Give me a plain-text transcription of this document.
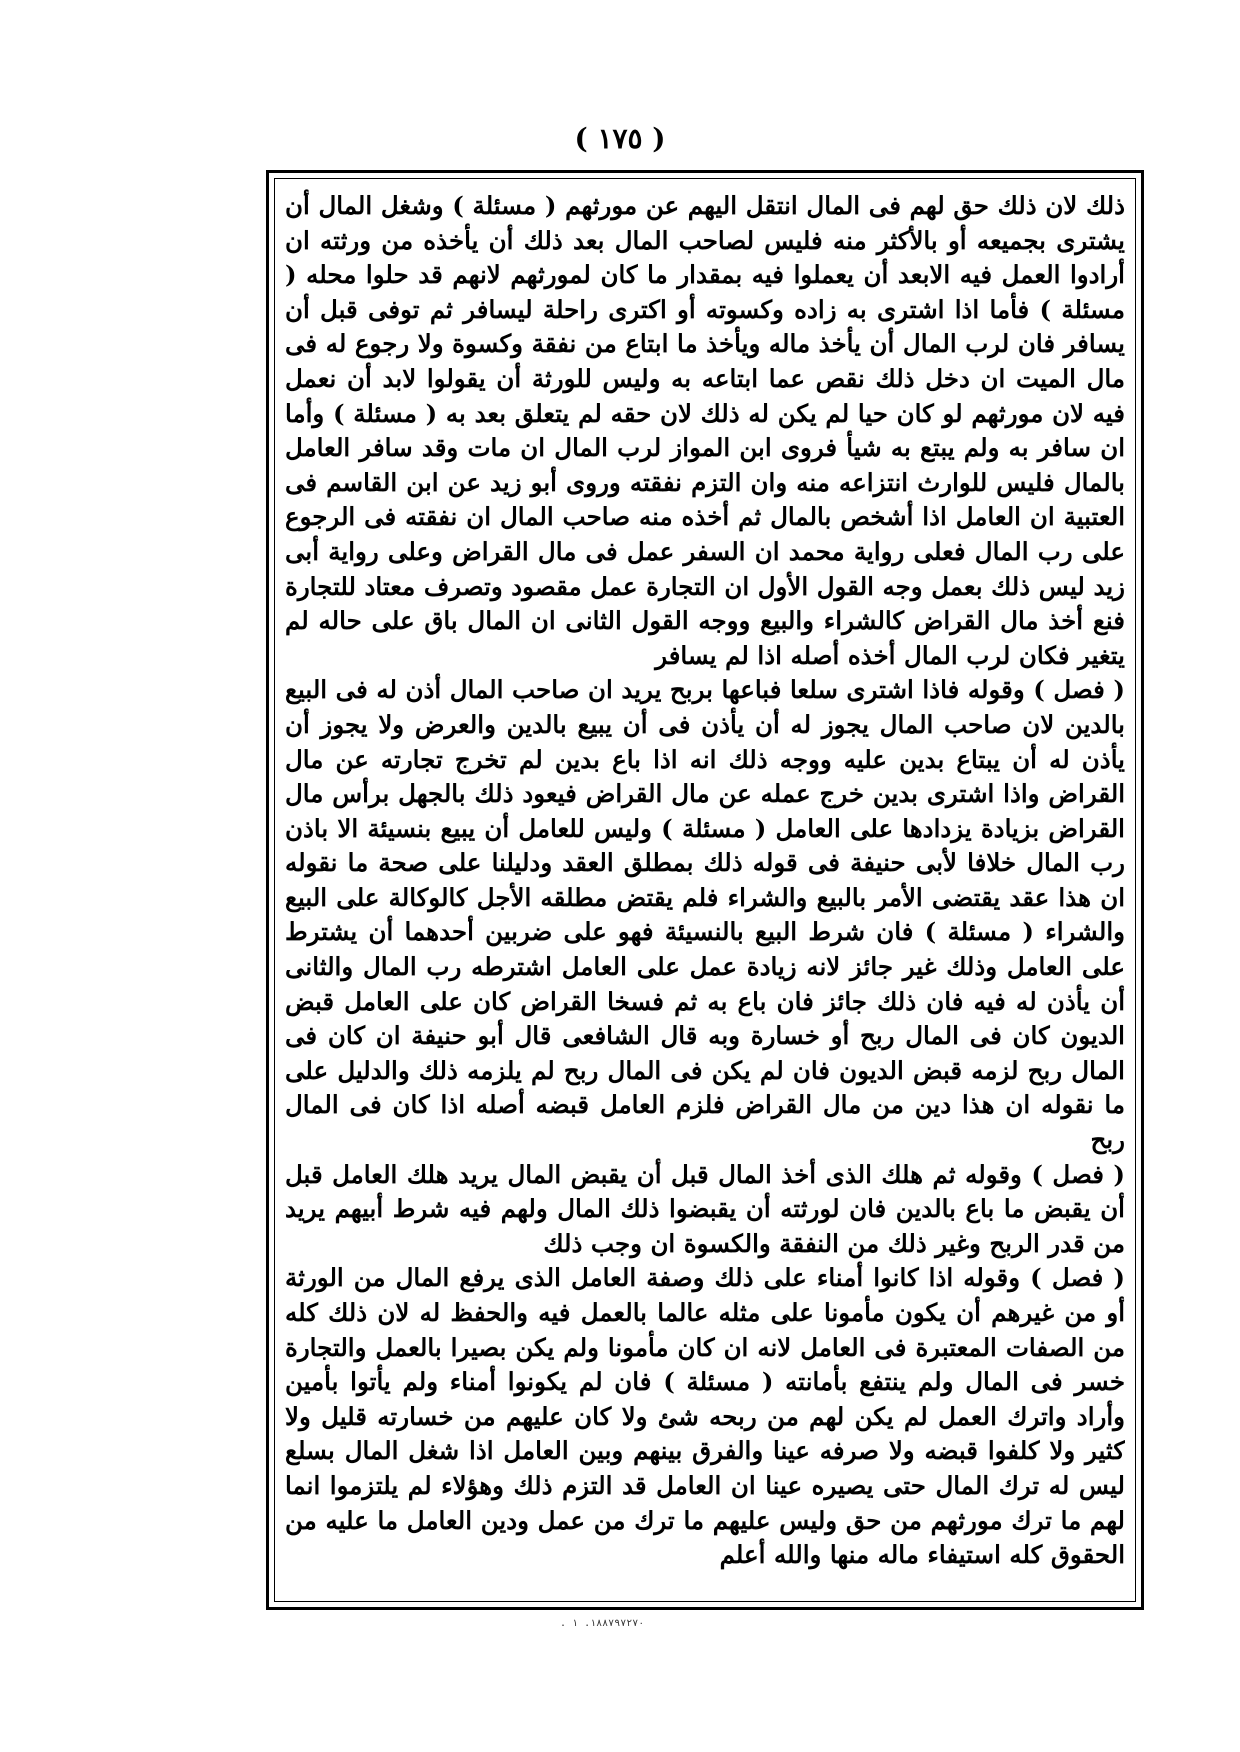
( ١٧٥ )

ذلك لان ذلك حق لهم فى المال انتقل اليهم عن مورثهم ( مسئلة ) وشغل المال أن يشترى بجميعه أو بالأكثر منه فليس لصاحب المال بعد ذلك أن يأخذه من ورثته ان أرادوا العمل فيه الابعد أن يعملوا فيه بمقدار ما كان لمورثهم لانهم قد حلوا محله ( مسئلة ) فأما اذا اشترى به زاده وكسوته أو اكترى راحلة ليسافر ثم توفى قبل أن يسافر فان لرب المال أن يأخذ ماله ويأخذ ما ابتاع من نفقة وكسوة ولا رجوع له فى مال الميت ان دخل ذلك نقص عما ابتاعه به وليس للورثة أن يقولوا لابد أن نعمل فيه لان مورثهم لو كان حيا لم يكن له ذلك لان حقه لم يتعلق بعد به ( مسئلة ) وأما ان سافر به ولم يبتع به شيأ فروى ابن المواز لرب المال ان مات وقد سافر العامل بالمال فليس للوارث انتزاعه منه وان التزم نفقته وروى أبو زيد عن ابن القاسم فى العتبية ان العامل اذا أشخص بالمال ثم أخذه منه صاحب المال ان نفقته فى الرجوع على رب المال فعلى رواية محمد ان السفر عمل فى مال القراض وعلى رواية أبى زيد ليس ذلك بعمل وجه القول الأول ان التجارة عمل مقصود وتصرف معتاد للتجارة فنع أخذ مال القراض كالشراء والبيع ووجه القول الثانى ان المال باق على حاله لم يتغير فكان لرب المال أخذه أصله اذا لم يسافر

( فصل ) وقوله فاذا اشترى سلعا فباعها بربح يريد ان صاحب المال أذن له فى البيع بالدين لان صاحب المال يجوز له أن يأذن فى أن يبيع بالدين والعرض ولا يجوز أن يأذن له أن يبتاع بدين عليه ووجه ذلك انه اذا باع بدين لم تخرج تجارته عن مال القراض واذا اشترى بدين خرج عمله عن مال القراض فيعود ذلك بالجهل برأس مال القراض بزيادة يزدادها على العامل ( مسئلة ) وليس للعامل أن يبيع بنسيئة الا باذن رب المال خلافا لأبى حنيفة فى قوله ذلك بمطلق العقد ودليلنا على صحة ما نقوله ان هذا عقد يقتضى الأمر بالبيع والشراء فلم يقتض مطلقه الأجل كالوكالة على البيع والشراء ( مسئلة ) فان شرط البيع بالنسيئة فهو على ضربين أحدهما أن يشترط على العامل وذلك غير جائز لانه زيادة عمل على العامل اشترطه رب المال والثانى أن يأذن له فيه فان ذلك جائز فان باع به ثم فسخا القراض كان على العامل قبض الديون كان فى المال ربح أو خسارة وبه قال الشافعى قال أبو حنيفة ان كان فى المال ربح لزمه قبض الديون فان لم يكن فى المال ربح لم يلزمه ذلك والدليل على ما نقوله ان هذا دين من مال القراض فلزم العامل قبضه أصله اذا كان فى المال ربح

( فصل ) وقوله ثم هلك الذى أخذ المال قبل أن يقبض المال يريد هلك العامل قبل أن يقبض ما باع بالدين فان لورثته أن يقبضوا ذلك المال ولهم فيه شرط أبيهم يريد من قدر الربح وغير ذلك من النفقة والكسوة ان وجب ذلك

( فصل ) وقوله اذا كانوا أمناء على ذلك وصفة العامل الذى يرفع المال من الورثة أو من غيرهم أن يكون مأمونا على مثله عالما بالعمل فيه والحفظ له لان ذلك كله من الصفات المعتبرة فى العامل لانه ان كان مأمونا ولم يكن بصيرا بالعمل والتجارة خسر فى المال ولم ينتفع بأمانته ( مسئلة ) فان لم يكونوا أمناء ولم يأتوا بأمين وأراد واترك العمل لم يكن لهم من ربحه شئ ولا كان عليهم من خسارته قليل ولا كثير ولا كلفوا قبضه ولا صرفه عينا والفرق بينهم وبين العامل اذا شغل المال بسلع ليس له ترك المال حتى يصيره عينا ان العامل قد التزم ذلك وهؤلاء لم يلتزموا انما لهم ما ترك مورثهم من حق وليس عليهم ما ترك من عمل ودين العامل ما عليه من الحقوق كله استيفاء ماله منها والله أعلم

. ١٨٨٧٩٧٢٧٠. ١
